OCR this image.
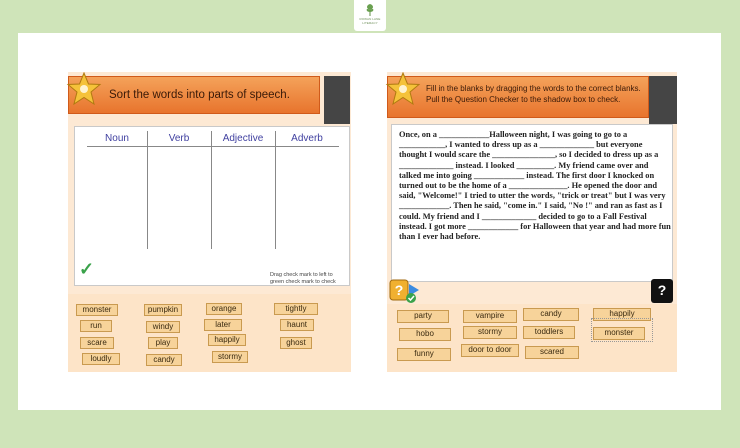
ROWAN LANE
LITERACY
Sort the words into parts of speech.
Noun	Verb	Adjective	Adverb
✓	Drag check mark to left to green check mark to check
monster	pumpkin	orange	tightly
run	windy	later	haunt
scare	play	happily	ghost
loudly	candy	stormy
Fill in the blanks by dragging the words to the correct blanks. Pull the Question Checker to the shadow box to check.
Once, on a ____________Halloween night, I was going to go to a ___________, I wanted to dress up as a _____________ but everyone thought I would scare the _______________, so I decided to dress up as a _____________ instead. I looked _________. My friend came over and talked me into going ____________ instead. The first door I knocked on turned out to be the home of a ______________. He opened the door and said, "Welcome!" I tried to utter the words, "trick or treat" but I was very ____________. Then he said, "come in." I said, "No !" and ran as fast as I could. My friend and I _____________ decided to go to a Fall Festival instead. I got more ____________ for Halloween that year and had more fun than I ever had before.
?	?
party	vampire	candy	happily
hobo	stormy	toddlers	monster
funny	door to door	scared
